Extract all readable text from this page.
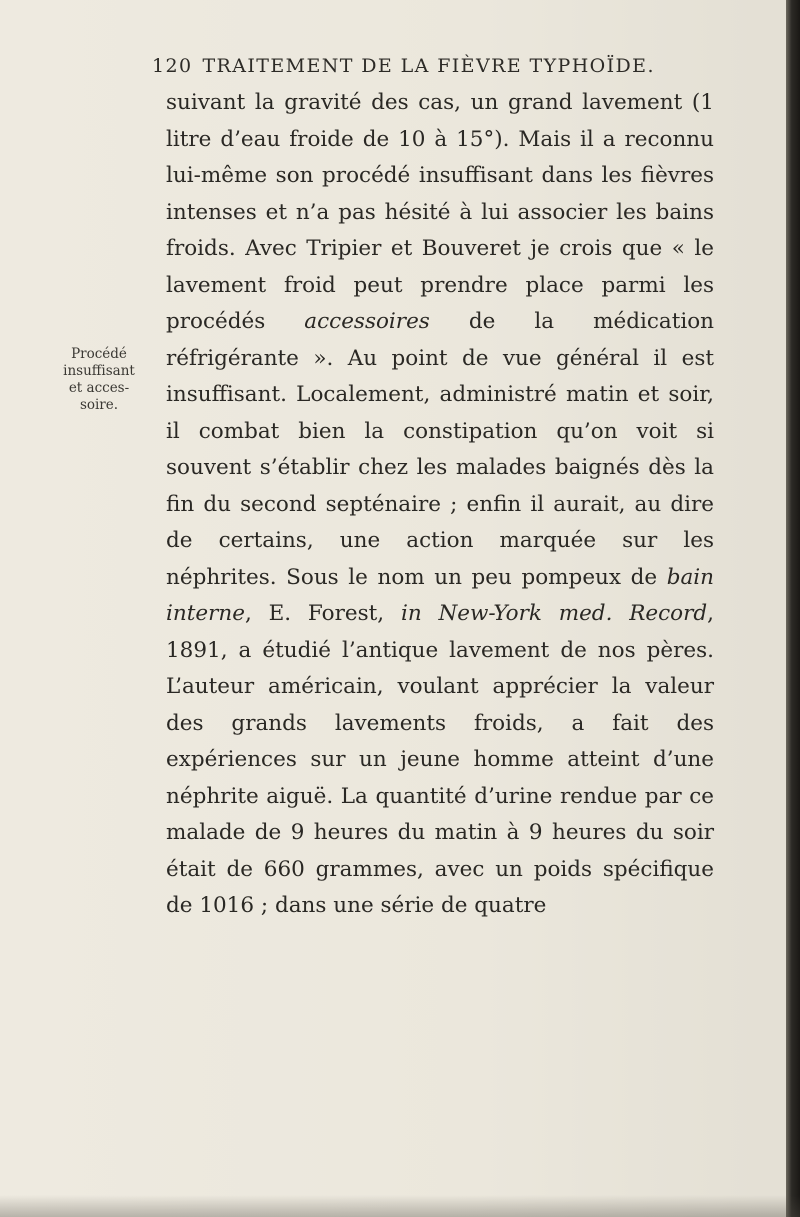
120 TRAITEMENT DE LA FIÈVRE TYPHOÏDE.
Procédé
insuffisant
et acces-
soire.

suivant la gravité des cas, un grand lavement (1 litre d’eau froide de 10 à 15°). Mais il a reconnu lui-même son procédé insuffisant dans les fièvres intenses et n’a pas hésité à lui associer les bains froids. Avec Tripier et Bouveret je crois que « le lavement froid peut prendre place parmi les procédés accessoires de la médication réfrigérante ». Au point de vue général il est insuffisant. Localement, administré matin et soir, il combat bien la constipation qu’on voit si souvent s’établir chez les malades baignés dès la fin du second septénaire ; enfin il aurait, au dire de certains, une action marquée sur les néphrites. Sous le nom un peu pompeux de bain interne, E. Forest, in New-York med. Record, 1891, a étudié l’antique lavement de nos pères. L’auteur américain, voulant apprécier la valeur des grands lavements froids, a fait des expériences sur un jeune homme atteint d’une néphrite aiguë. La quantité d’urine rendue par ce malade de 9 heures du matin à 9 heures du soir était de 660 grammes, avec un poids spécifique de 1016 ; dans une série de quatre
